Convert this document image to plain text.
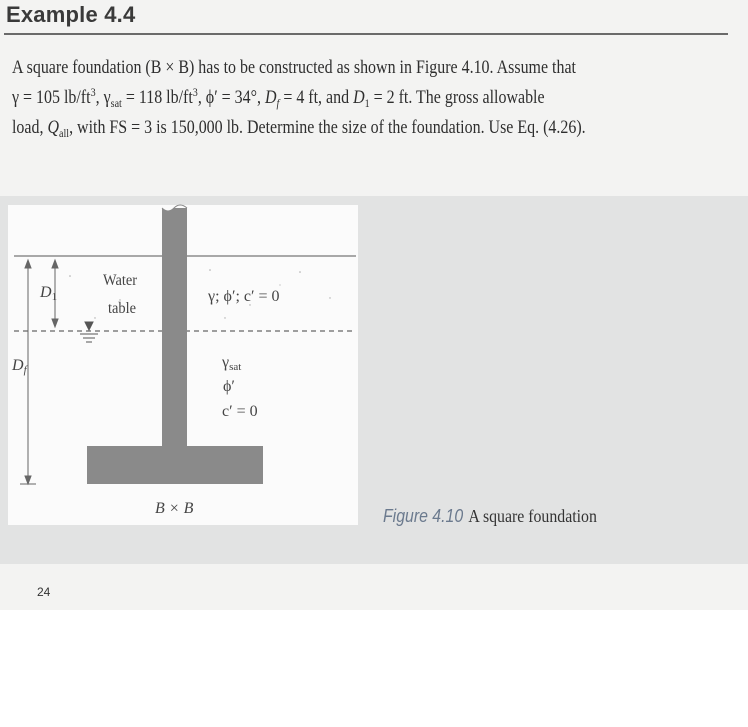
Example 4.4

A square foundation (B × B) has to be constructed as shown in Figure 4.10. Assume that

γ = 105 $lb/ft^3$, $\gamma_{sat} = 118$ $lb/ft^3$, ϕ′ = 34°, $D_f = 4$ ft, and $D_1 = 2$ ft. The gross allowable

load, $Q_{all}$, with FS = 3 is 150,000 lb. Determine the size of the foundation. Use Eq. (4.26).

$D_1$
$D_f$
Water
table
γ; ϕ′; c′ = 0
$\gamma_{sat}$
ϕ′
c′ = 0
B × B	Figure 4.10 A square foundation
24
